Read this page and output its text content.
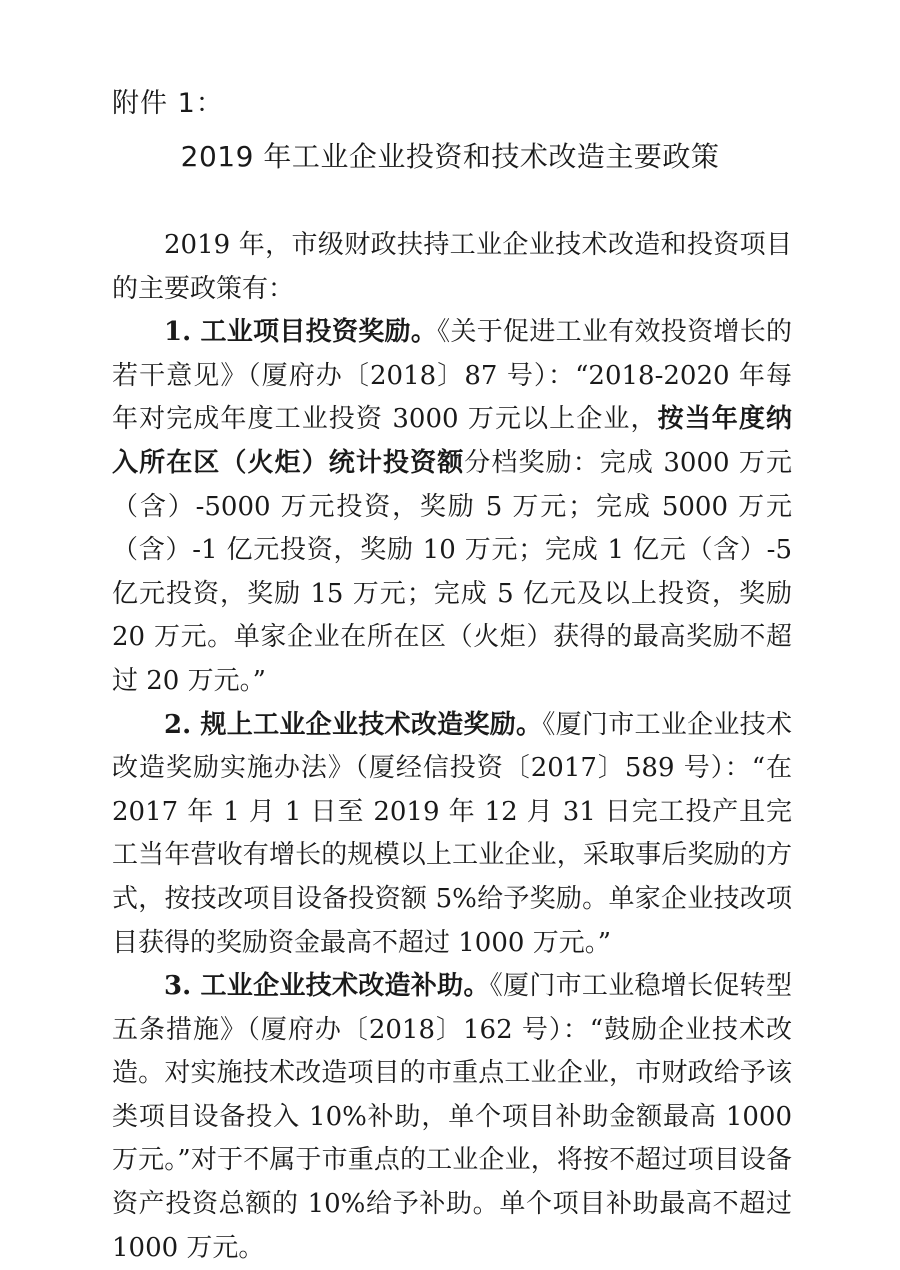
附件 1：
2019 年工业企业投资和技术改造主要政策

2019 年，市级财政扶持工业企业技术改造和投资项目的主要政策有：

1. 工业项目投资奖励。《关于促进工业有效投资增长的若干意见》（厦府办〔2018〕87 号）：“2018-2020 年每年对完成年度工业投资 3000 万元以上企业，按当年度纳入所在区（火炬）统计投资额分档奖励：完成 3000 万元（含）-5000 万元投资，奖励 5 万元；完成 5000 万元（含）-1 亿元投资，奖励 10 万元；完成 1 亿元（含）-5 亿元投资，奖励 15 万元；完成 5 亿元及以上投资，奖励 20 万元。单家企业在所在区（火炬）获得的最高奖励不超过 20 万元。”

2. 规上工业企业技术改造奖励。《厦门市工业企业技术改造奖励实施办法》（厦经信投资〔2017〕589 号）：“在 2017 年 1 月 1 日至 2019 年 12 月 31 日完工投产且完工当年营收有增长的规模以上工业企业，采取事后奖励的方式，按技改项目设备投资额 5%给予奖励。单家企业技改项目获得的奖励资金最高不超过 1000 万元。”

3. 工业企业技术改造补助。《厦门市工业稳增长促转型五条措施》（厦府办〔2018〕162 号）：“鼓励企业技术改造。对实施技术改造项目的市重点工业企业，市财政给予该类项目设备投入 10%补助，单个项目补助金额最高 1000 万元。”对于不属于市重点的工业企业，将按不超过项目设备资产投资总额的 10%给予补助。单个项目补助最高不超过 1000 万元。
